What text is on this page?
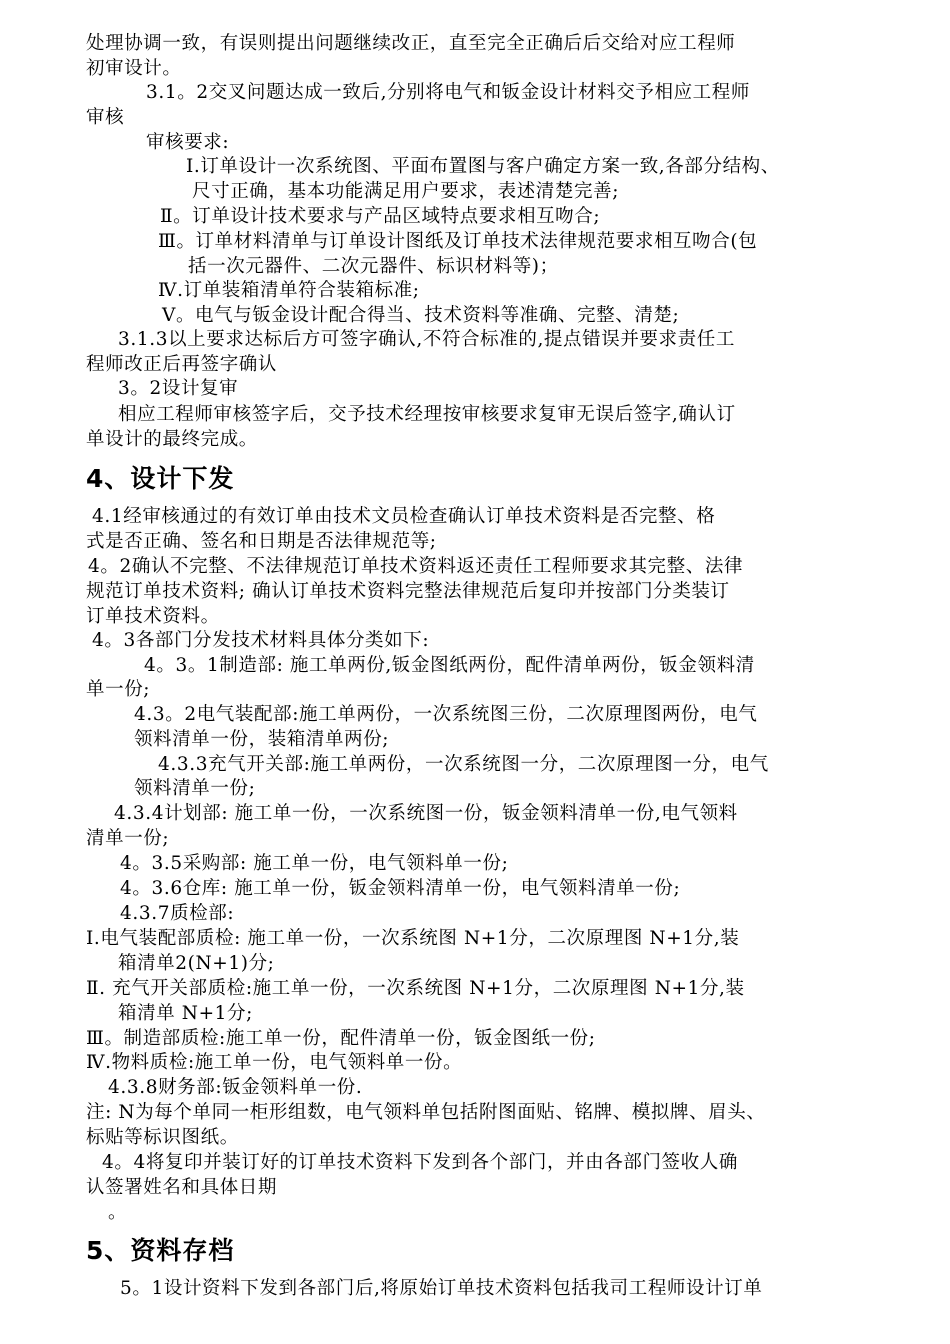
处理协调一致，有误则提出问题继续改正，直至完全正确后后交给对应工程师
初审设计。
3.1。2交叉问题达成一致后,分别将电气和钣金设计材料交予相应工程师
审核
审核要求:
Ⅰ.订单设计一次系统图、平面布置图与客户确定方案一致,各部分结构、
尺寸正确，基本功能满足用户要求，表述清楚完善;
Ⅱ。订单设计技术要求与产品区域特点要求相互吻合;
Ⅲ。订单材料清单与订单设计图纸及订单技术法律规范要求相互吻合(包
括一次元器件、二次元器件、标识材料等)；
Ⅳ.订单装箱清单符合装箱标准;
Ⅴ。电气与钣金设计配合得当、技术资料等准确、完整、清楚;
3.1.3以上要求达标后方可签字确认,不符合标准的,提点错误并要求责任工
程师改正后再签字确认
3。2设计复审
相应工程师审核签字后，交予技术经理按审核要求复审无误后签字,确认订
单设计的最终完成。
4、设计下发
4.1经审核通过的有效订单由技术文员检查确认订单技术资料是否完整、格
式是否正确、签名和日期是否法律规范等;
4。2确认不完整、不法律规范订单技术资料返还责任工程师要求其完整、法律
规范订单技术资料; 确认订单技术资料完整法律规范后复印并按部门分类装订
订单技术资料。
4。3各部门分发技术材料具体分类如下:
4。3。1制造部: 施工单两份,钣金图纸两份，配件清单两份，钣金领料清
单一份;
4.3。2电气装配部:施工单两份，一次系统图三份，二次原理图两份，电气
领料清单一份，装箱清单两份;
4.3.3充气开关部:施工单两份，一次系统图一分，二次原理图一分，电气
领料清单一份;
4.3.4计划部: 施工单一份，一次系统图一份，钣金领料清单一份,电气领料
清单一份;
4。3.5采购部: 施工单一份，电气领料单一份;
4。3.6仓库: 施工单一份，钣金领料清单一份，电气领料清单一份;
4.3.7质检部:
Ⅰ.电气装配部质检: 施工单一份，一次系统图 N+1分，二次原理图 N+1分,装
箱清单2(N+1)分;
Ⅱ. 充气开关部质检:施工单一份，一次系统图 N+1分，二次原理图 N+1分,装
箱清单 N+1分;
Ⅲ。制造部质检:施工单一份，配件清单一份，钣金图纸一份;
Ⅳ.物料质检:施工单一份，电气领料单一份。
4.3.8财务部:钣金领料单一份.
注: N为每个单同一柜形组数，电气领料单包括附图面贴、铭牌、模拟牌、眉头、
标贴等标识图纸。
4。4将复印并装订好的订单技术资料下发到各个部门，并由各部门签收人确
认签署姓名和具体日期
。
5、资料存档
5。1设计资料下发到各部门后,将原始订单技术资料包括我司工程师设计订单
